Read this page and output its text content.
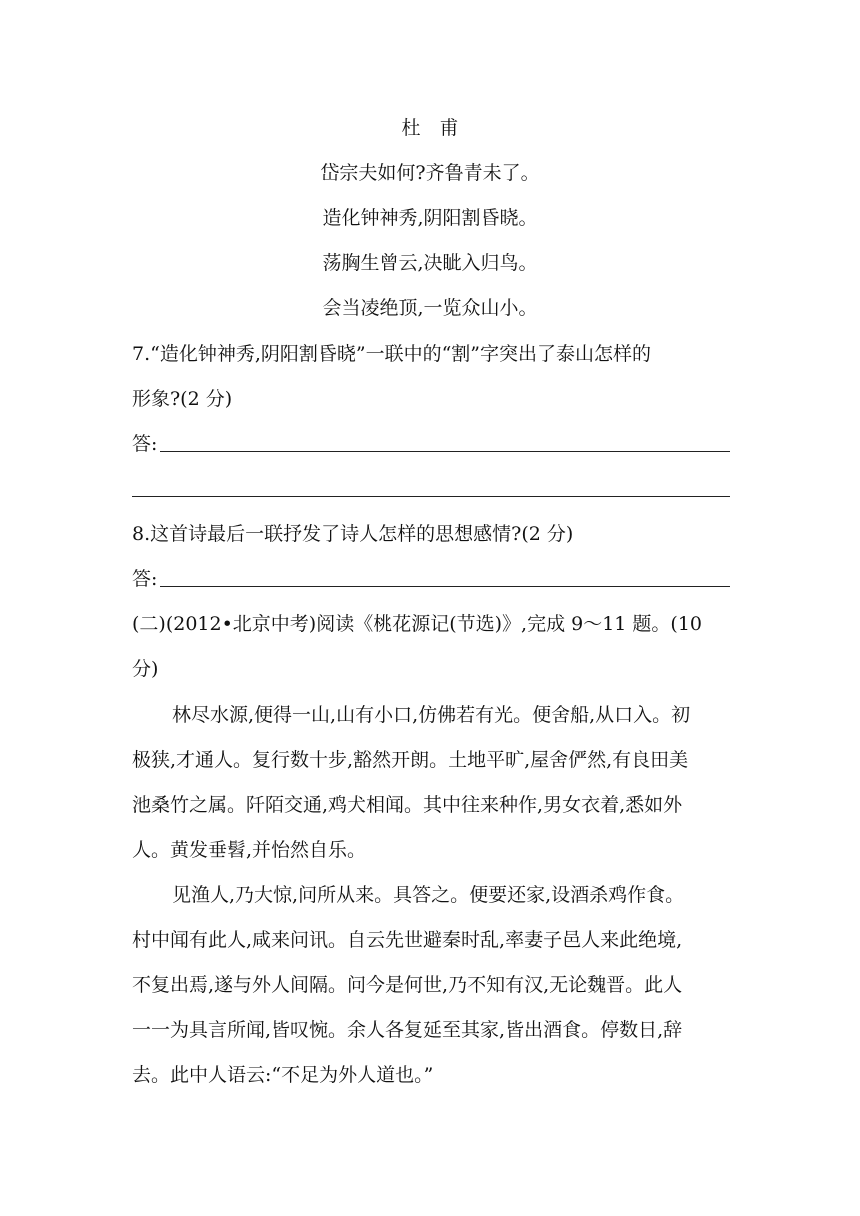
杜　甫
岱宗夫如何?齐鲁青未了。
造化钟神秀,阴阳割昏晓。
荡胸生曾云,决眦入归鸟。
会当凌绝顶,一览众山小。
7.“造化钟神秀,阴阳割昏晓”一联中的“割”字突出了泰山怎样的
形象?(2 分)
答:
8.这首诗最后一联抒发了诗人怎样的思想感情?(2 分)
答:
(二)(2012•北京中考)阅读《桃花源记(节选)》,完成 9～11 题。(10
分)
林尽水源,便得一山,山有小口,仿佛若有光。便舍船,从口入。初
极狭,才通人。复行数十步,豁然开朗。土地平旷,屋舍俨然,有良田美
池桑竹之属。阡陌交通,鸡犬相闻。其中往来种作,男女衣着,悉如外
人。黄发垂髫,并怡然自乐。
见渔人,乃大惊,问所从来。具答之。便要还家,设酒杀鸡作食。
村中闻有此人,咸来问讯。自云先世避秦时乱,率妻子邑人来此绝境,
不复出焉,遂与外人间隔。问今是何世,乃不知有汉,无论魏晋。此人
一一为具言所闻,皆叹惋。余人各复延至其家,皆出酒食。停数日,辞
去。此中人语云:“不足为外人道也。”
